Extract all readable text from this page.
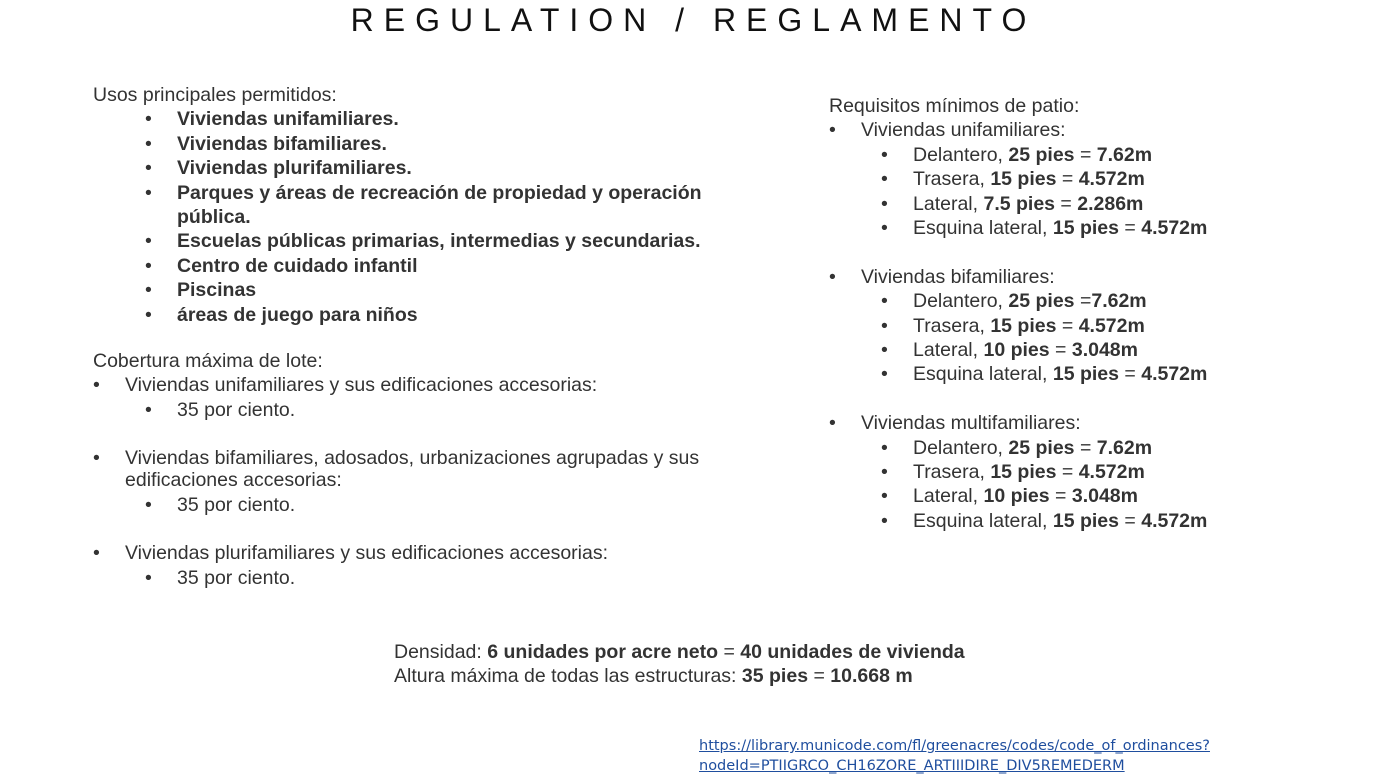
REGULATION / REGLAMENTO
Usos principales permitidos:
• Viviendas unifamiliares.
• Viviendas bifamiliares.
• Viviendas plurifamiliares.
• Parques y áreas de recreación de propiedad y operación pública.
• Escuelas públicas primarias, intermedias y secundarias.
• Centro de cuidado infantil
• Piscinas
• áreas de juego para niños
Cobertura máxima de lote:
• Viviendas unifamiliares y sus edificaciones accesorias:
• 35 por ciento.
• Viviendas bifamiliares, adosados, urbanizaciones agrupadas y sus edificaciones accesorias:
• 35 por ciento.
• Viviendas plurifamiliares y sus edificaciones accesorias:
• 35 por ciento.
Requisitos mínimos de patio:
• Viviendas unifamiliares:
• Delantero, 25 pies = 7.62m
• Trasera, 15 pies = 4.572m
• Lateral, 7.5 pies = 2.286m
• Esquina lateral, 15 pies = 4.572m
• Viviendas bifamiliares:
• Delantero, 25 pies =7.62m
• Trasera, 15 pies = 4.572m
• Lateral, 10 pies = 3.048m
• Esquina lateral, 15 pies = 4.572m
• Viviendas multifamiliares:
• Delantero, 25 pies = 7.62m
• Trasera, 15 pies = 4.572m
• Lateral, 10 pies = 3.048m
• Esquina lateral, 15 pies = 4.572m
Densidad: 6 unidades por acre neto = 40 unidades de vivienda
Altura máxima de todas las estructuras: 35 pies = 10.668 m
https://library.municode.com/fl/greenacres/codes/code_of_ordinances?
nodeId=PTIIGRCO_CH16ZORE_ARTIIIDIRE_DIV5REMEDERM
